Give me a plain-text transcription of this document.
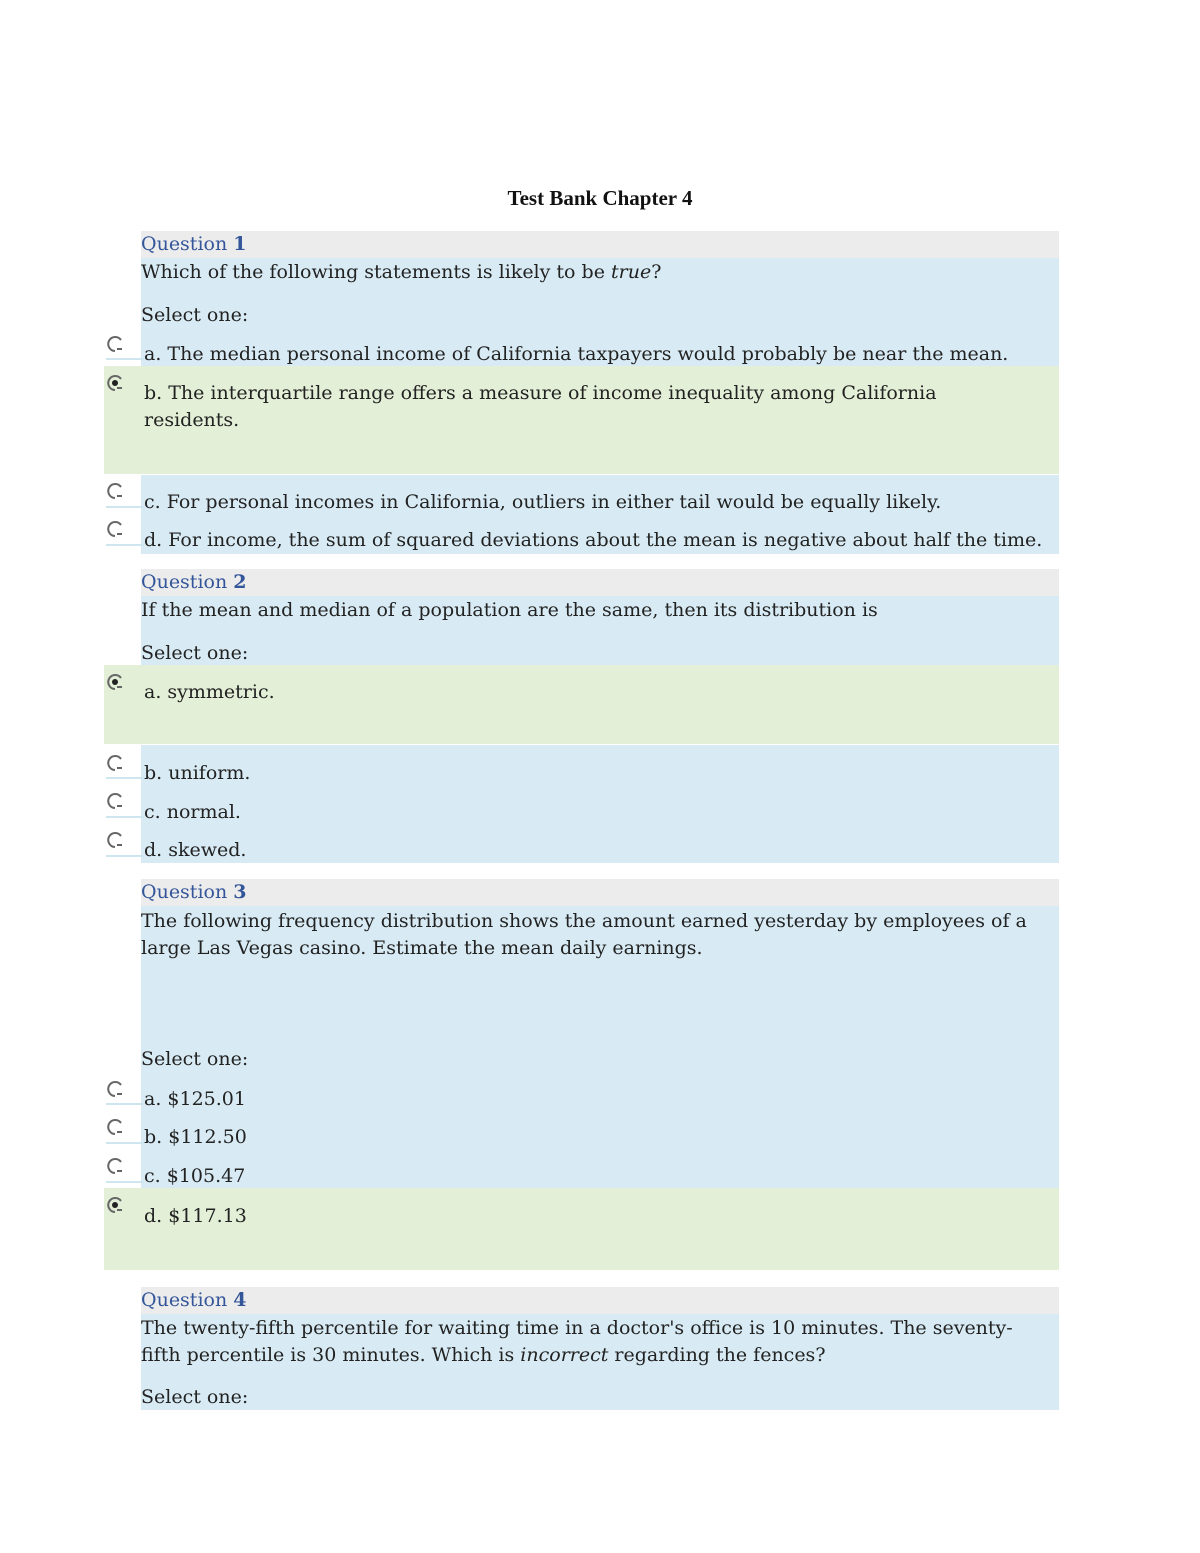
Test Bank Chapter 4
Question 1
Which of the following statements is likely to be true?
Select one:
a. The median personal income of California taxpayers would probably be near the mean.
b. The interquartile range offers a measure of income inequality among California residents.
c. For personal incomes in California, outliers in either tail would be equally likely.
d. For income, the sum of squared deviations about the mean is negative about half the time.
Question 2
If the mean and median of a population are the same, then its distribution is
Select one:
a. symmetric.
b. uniform.
c. normal.
d. skewed.
Question 3
The following frequency distribution shows the amount earned yesterday by employees of a large Las Vegas casino. Estimate the mean daily earnings.
Select one:
a. $125.01
b. $112.50
c. $105.47
d. $117.13
Question 4
The twenty-fifth percentile for waiting time in a doctor's office is 10 minutes. The seventy-fifth percentile is 30 minutes. Which is incorrect regarding the fences?
Select one:
